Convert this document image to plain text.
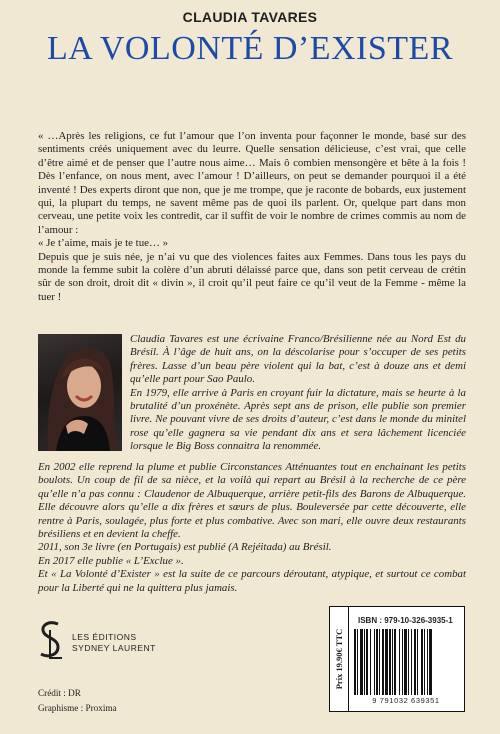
CLAUDIA TAVARES
LA VOLONTÉ D’EXISTER

« …Après les religions, ce fut l’amour que l’on inventa pour façonner le monde, basé sur des sentiments créés uniquement avec du leurre. Quelle sensation délicieuse, c’est vrai, que celle d’être aimé et de penser que l’autre nous aime… Mais ô combien mensongère et bête à la fois ! Dès l’enfance, on nous ment, avec l’amour ! D’ailleurs, on peut se demander pourquoi il a été inventé ! Des experts diront que non, que je me trompe, que je raconte de bobards, eux justement qui, la plupart du temps, ne savent même pas de quoi ils parlent. Or, quelque part dans mon cerveau, une petite voix les contredit, car il suffit de voir le nombre de crimes commis au nom de l’amour :

« Je t’aime, mais je te tue… »

Depuis que je suis née, je n’ai vu que des violences faites aux Femmes. Dans tous les pays du monde la femme subit la colère d’un abruti délaissé parce que, dans son petit cerveau de crétin sûr de son droit, droit dit « divin », il croit qu’il peut faire ce qu’il veut de la Femme - même la tuer !

Claudia Tavares est une écrivaine Franco/Brésilienne née au Nord Est du Brésil. À l’âge de huit ans, on la déscolarise pour s’occuper de ses petits frères. Lasse d’un beau père violent qui la bat, c’est à douze ans et demi qu’elle part pour Sao Paulo.

En 1979, elle arrive à Paris en croyant fuir la dictature, mais se heurte à la brutalité d’un proxénète. Après sept ans de prison, elle publie son premier livre. Ne pouvant vivre de ses droits d’auteur, c’est dans le monde du minitel rose qu’elle gagnera sa vie pendant dix ans et sera lâchement licenciée lorsque le Big Boss connaitra la renommée.

En 2002 elle reprend la plume et publie Circonstances Atténuantes tout en enchainant les petits boulots. Un coup de fil de sa nièce, et la voilà qui repart au Brésil à la recherche de ce père qu’elle n’a pas connu : Claudenor de Albuquerque, arrière petit-fils des Barons de Albuquerque. Elle découvre alors qu’elle a dix frères et sœurs de plus. Bouleversée par cette découverte, elle rentre à Paris, soulagée, plus forte et plus combative. Avec son mari, elle ouvre deux restaurants brésiliens et en devient la cheffe.

2011, son 3e livre (en Portugais) est publié (A Rejéitada) au Brésil.

En 2017 elle publie « L’Exclue ».

Et « La Volonté d’Exister » est la suite de ce parcours déroutant, atypique, et surtout ce combat pour la Liberté qui ne la quittera plus jamais.

LES ÉDITIONS
SYDNEY LAURENT
Crédit : DR
Graphisme : Proxima
Prix 19.90€ TTC
ISBN : 979-10-326-3935-1
9 791032 639351
